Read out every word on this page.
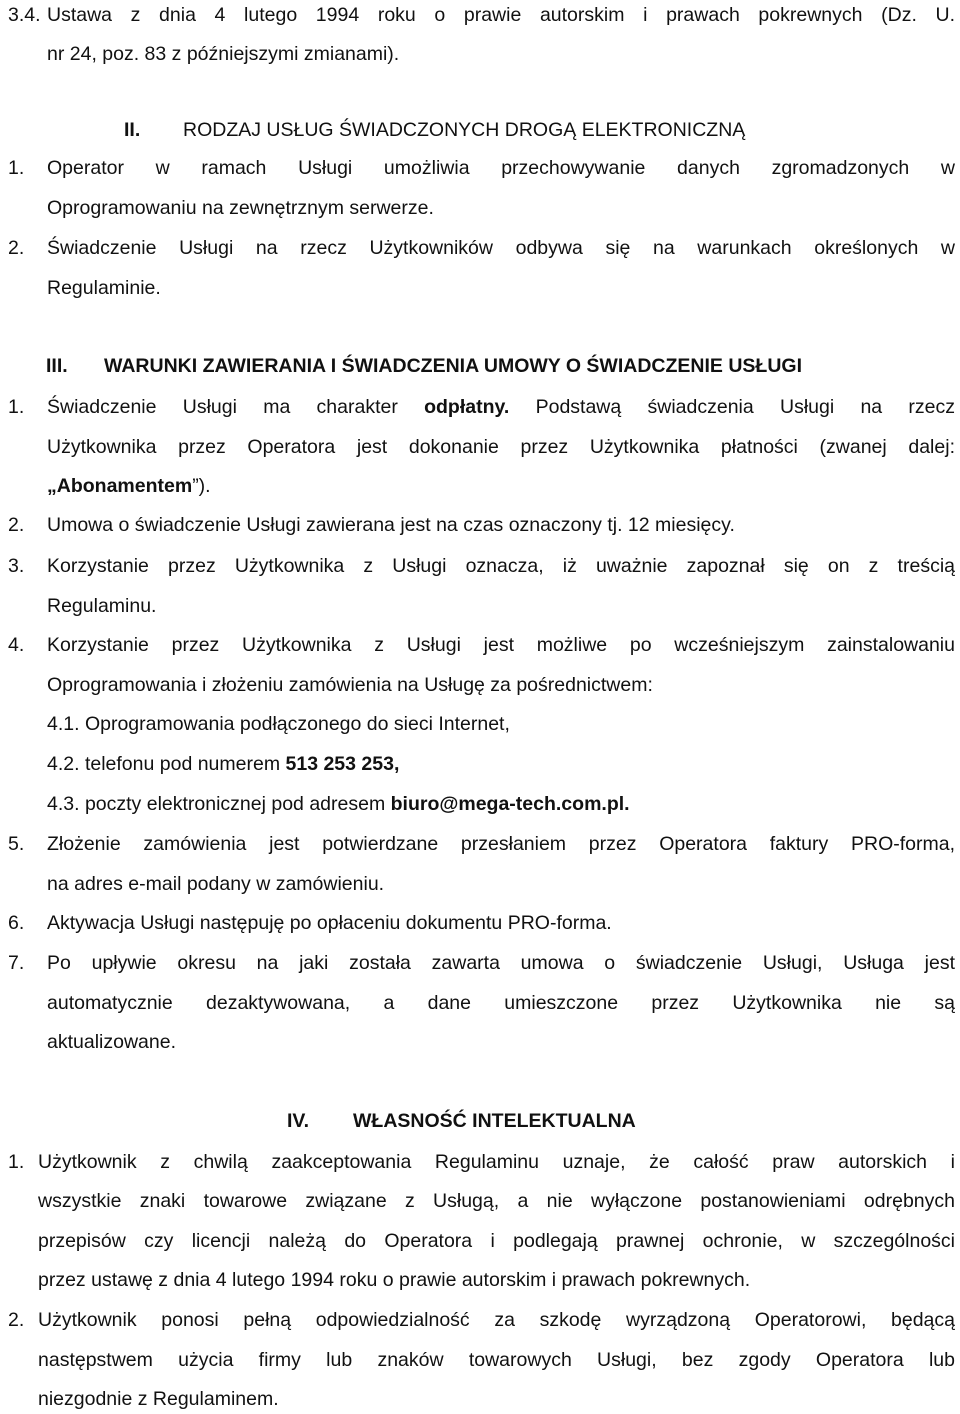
3.4. Ustawa z dnia 4 lutego 1994 roku o prawie autorskim i prawach pokrewnych (Dz. U.
nr 24, poz. 83 z późniejszymi zmianami).
II. RODZAJ USŁUG ŚWIADCZONYCH DROGĄ ELEKTRONICZNĄ
1. Operator w ramach Usługi umożliwia przechowywanie danych zgromadzonych w
Oprogramowaniu na zewnętrznym serwerze.
2. Świadczenie Usługi na rzecz Użytkowników odbywa się na warunkach określonych w
Regulaminie.
III. WARUNKI ZAWIERANIA I ŚWIADCZENIA UMOWY O ŚWIADCZENIE USŁUGI
1. Świadczenie Usługi ma charakter odpłatny. Podstawą świadczenia Usługi na rzecz
Użytkownika przez Operatora jest dokonanie przez Użytkownika płatności (zwanej dalej:
„Abonamentem”).
2. Umowa o świadczenie Usługi zawierana jest na czas oznaczony tj. 12 miesięcy.
3. Korzystanie przez Użytkownika z Usługi oznacza, iż uważnie zapoznał się on z treścią
Regulaminu.
4. Korzystanie przez Użytkownika z Usługi jest możliwe po wcześniejszym zainstalowaniu
Oprogramowania i złożeniu zamówienia na Usługę za pośrednictwem:
4.1. Oprogramowania podłączonego do sieci Internet,
4.2. telefonu pod numerem 513 253 253,
4.3. poczty elektronicznej pod adresem biuro@mega-tech.com.pl.
5. Złożenie zamówienia jest potwierdzane przesłaniem przez Operatora faktury PRO-forma,
na adres e-mail podany w zamówieniu.
6. Aktywacja Usługi następuję po opłaceniu dokumentu PRO-forma.
7. Po upływie okresu na jaki została zawarta umowa o świadczenie Usługi, Usługa jest
automatycznie dezaktywowana, a dane umieszczone przez Użytkownika nie są
aktualizowane.
IV. WŁASNOŚĆ INTELEKTUALNA
1. Użytkownik z chwilą zaakceptowania Regulaminu uznaje, że całość praw autorskich i
wszystkie znaki towarowe związane z Usługą, a nie wyłączone postanowieniami odrębnych
przepisów czy licencji należą do Operatora i podlegają prawnej ochronie, w szczególności
przez ustawę z dnia 4 lutego 1994 roku o prawie autorskim i prawach pokrewnych.
2. Użytkownik ponosi pełną odpowiedzialność za szkodę wyrządzoną Operatorowi, będącą
następstwem użycia firmy lub znaków towarowych Usługi, bez zgody Operatora lub
niezgodnie z Regulaminem.
